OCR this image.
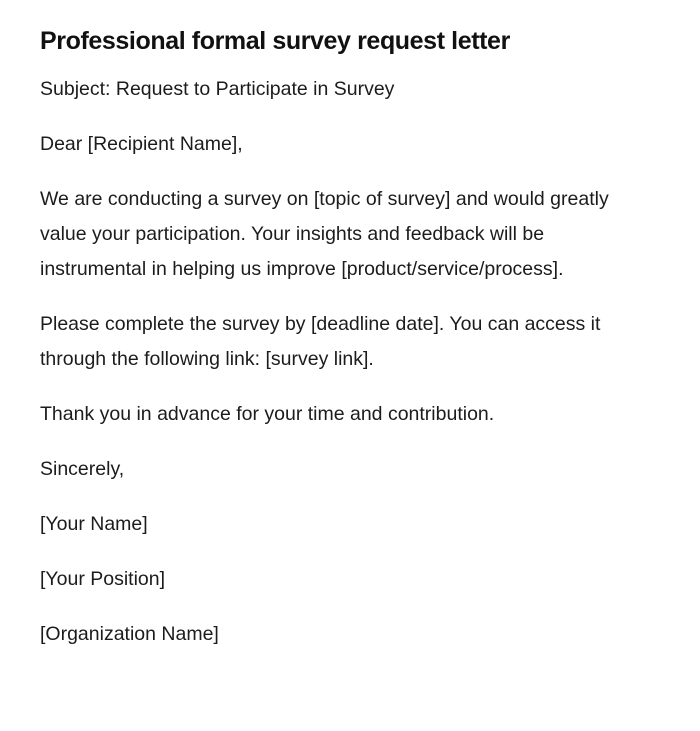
Professional formal survey request letter

Subject: Request to Participate in Survey

Dear [Recipient Name],

We are conducting a survey on [topic of survey] and would greatly value your participation. Your insights and feedback will be instrumental in helping us improve [product/service/process].

Please complete the survey by [deadline date]. You can access it through the following link: [survey link].

Thank you in advance for your time and contribution.

Sincerely,

[Your Name]

[Your Position]

[Organization Name]
